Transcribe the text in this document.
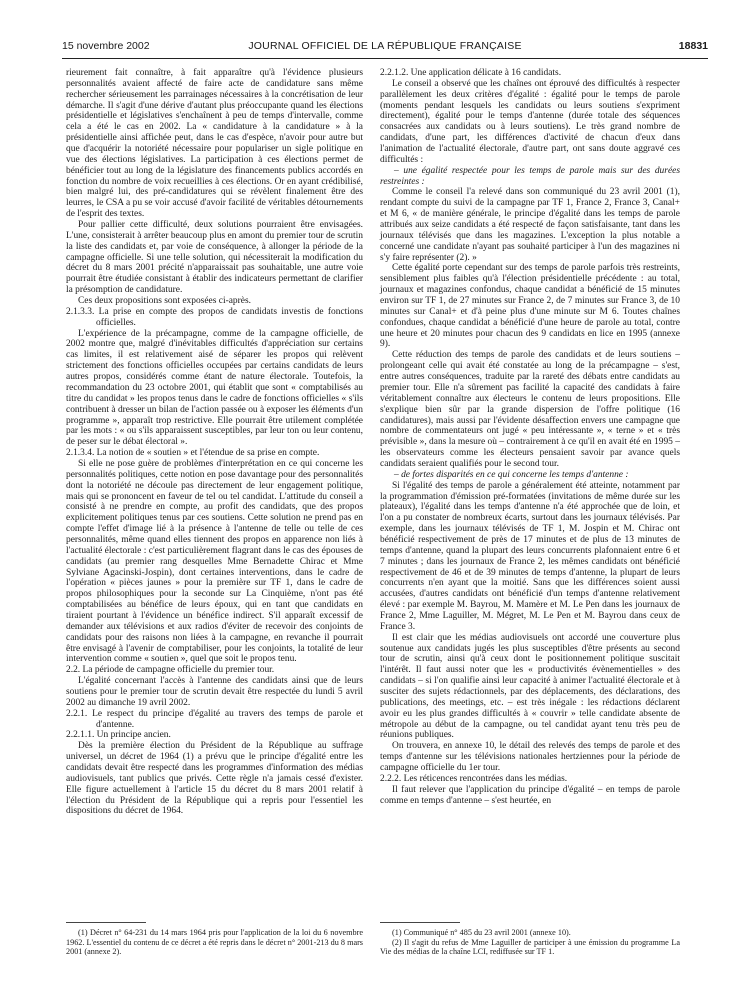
15 novembre 2002	JOURNAL OFFICIEL DE LA RÉPUBLIQUE FRANÇAISE	18831

rieurement fait connaître, à fait apparaître qu'à l'évidence plusieurs personnalités avaient affecté de faire acte de candidature sans même rechercher sérieusement les parrainages nécessaires à la concrétisation de leur démarche. Il s'agit d'une dérive d'autant plus préoccupante quand les élections présidentielle et législatives s'enchaînent à peu de temps d'intervalle, comme cela a été le cas en 2002. La « candidature à la candidature » à la présidentielle ainsi affichée peut, dans le cas d'espèce, n'avoir pour autre but que d'acquérir la notoriété nécessaire pour populariser un sigle politique en vue des élections législatives. La participation à ces élections permet de bénéficier tout au long de la législature des financements publics accordés en fonction du nombre de voix recueillies à ces élections. Or en ayant crédibilisé, bien malgré lui, des pré-candidatures qui se révèlent finalement être des leurres, le CSA a pu se voir accusé d'avoir facilité de véritables détournements de l'esprit des textes.

Pour pallier cette difficulté, deux solutions pourraient être envisagées. L'une, consisterait à arrêter beaucoup plus en amont du premier tour de scrutin la liste des candidats et, par voie de conséquence, à allonger la période de la campagne officielle. Si une telle solution, qui nécessiterait la modification du décret du 8 mars 2001 précité n'apparaissait pas souhaitable, une autre voie pourrait être étudiée consistant à établir des indicateurs permettant de clarifier la présomption de candidature.

Ces deux propositions sont exposées ci-après.

2.1.3.3. La prise en compte des propos de candidats investis de fonctions officielles.

L'expérience de la précampagne, comme de la campagne officielle, de 2002 montre que, malgré d'inévitables difficultés d'appréciation sur certains cas limites, il est relativement aisé de séparer les propos qui relèvent strictement des fonctions officielles occupées par certains candidats de leurs autres propos, considérés comme étant de nature électorale. Toutefois, la recommandation du 23 octobre 2001, qui établit que sont « comptabilisés au titre du candidat » les propos tenus dans le cadre de fonctions officielles « s'ils contribuent à dresser un bilan de l'action passée ou à exposer les éléments d'un programme », apparaît trop restrictive. Elle pourrait être utilement complétée par les mots : « ou s'ils apparaissent susceptibles, par leur ton ou leur contenu, de peser sur le débat électoral ».

2.1.3.4. La notion de « soutien » et l'étendue de sa prise en compte.

Si elle ne pose guère de problèmes d'interprétation en ce qui concerne les personnalités politiques, cette notion en pose davantage pour des personnalités dont la notoriété ne découle pas directement de leur engagement politique, mais qui se prononcent en faveur de tel ou tel candidat. L'attitude du conseil a consisté à ne prendre en compte, au profit des candidats, que des propos explicitement politiques tenus par ces soutiens. Cette solution ne prend pas en compte l'effet d'image lié à la présence à l'antenne de telle ou telle de ces personnalités, même quand elles tiennent des propos en apparence non liés à l'actualité électorale : c'est particulièrement flagrant dans le cas des épouses de candidats (au premier rang desquelles Mme Bernadette Chirac et Mme Sylviane Agacinski-Jospin), dont certaines interventions, dans le cadre de l'opération « pièces jaunes » pour la première sur TF 1, dans le cadre de propos philosophiques pour la seconde sur La Cinquième, n'ont pas été comptabilisées au bénéfice de leurs époux, qui en tant que candidats en tiraient pourtant à l'évidence un bénéfice indirect. S'il apparaît excessif de demander aux télévisions et aux radios d'éviter de recevoir des conjoints de candidats pour des raisons non liées à la campagne, en revanche il pourrait être envisagé à l'avenir de comptabiliser, pour les conjoints, la totalité de leur intervention comme « soutien », quel que soit le propos tenu.

2.2. La période de campagne officielle du premier tour.

L'égalité concernant l'accès à l'antenne des candidats ainsi que de leurs soutiens pour le premier tour de scrutin devait être respectée du lundi 5 avril 2002 au dimanche 19 avril 2002.

2.2.1. Le respect du principe d'égalité au travers des temps de parole et d'antenne.

2.2.1.1. Un principe ancien.

Dès la première élection du Président de la République au suffrage universel, un décret de 1964 (1) a prévu que le principe d'égalité entre les candidats devait être respecté dans les programmes d'information des médias audiovisuels, tant publics que privés. Cette règle n'a jamais cessé d'exister. Elle figure actuellement à l'article 15 du décret du 8 mars 2001 relatif à l'élection du Président de la République qui a repris pour l'essentiel les dispositions du décret de 1964.

2.2.1.2. Une application délicate à 16 candidats.

Le conseil a observé que les chaînes ont éprouvé des difficultés à respecter parallèlement les deux critères d'égalité : égalité pour le temps de parole (moments pendant lesquels les candidats ou leurs soutiens s'expriment directement), égalité pour le temps d'antenne (durée totale des séquences consacrées aux candidats ou à leurs soutiens). Le très grand nombre de candidats, d'une part, les différences d'activité de chacun d'eux dans l'animation de l'actualité électorale, d'autre part, ont sans doute aggravé ces difficultés :

– une égalité respectée pour les temps de parole mais sur des durées restreintes :

Comme le conseil l'a relevé dans son communiqué du 23 avril 2001 (1), rendant compte du suivi de la campagne par TF 1, France 2, France 3, Canal+ et M 6, « de manière générale, le principe d'égalité dans les temps de parole attribués aux seize candidats a été respecté de façon satisfaisante, tant dans les journaux télévisés que dans les magazines. L'exception la plus notable a concerné une candidate n'ayant pas souhaité participer à l'un des magazines ni s'y faire représenter (2). »

Cette égalité porte cependant sur des temps de parole parfois très restreints, sensiblement plus faibles qu'à l'élection présidentielle précédente : au total, journaux et magazines confondus, chaque candidat a bénéficié de 15 minutes environ sur TF 1, de 27 minutes sur France 2, de 7 minutes sur France 3, de 10 minutes sur Canal+ et d'à peine plus d'une minute sur M 6. Toutes chaînes confondues, chaque candidat a bénéficié d'une heure de parole au total, contre une heure et 20 minutes pour chacun des 9 candidats en lice en 1995 (annexe 9).

Cette réduction des temps de parole des candidats et de leurs soutiens – prolongeant celle qui avait été constatée au long de la précampagne – s'est, entre autres conséquences, traduite par la rareté des débats entre candidats au premier tour. Elle n'a sûrement pas facilité la capacité des candidats à faire véritablement connaître aux électeurs le contenu de leurs propositions. Elle s'explique bien sûr par la grande dispersion de l'offre politique (16 candidatures), mais aussi par l'évidente désaffection envers une campagne que nombre de commentateurs ont jugé « peu intéressante », « terne » et « très prévisible », dans la mesure où – contrairement à ce qu'il en avait été en 1995 – les observateurs comme les électeurs pensaient savoir par avance quels candidats seraient qualifiés pour le second tour.

– de fortes disparités en ce qui concerne les temps d'antenne :

Si l'égalité des temps de parole a généralement été atteinte, notamment par la programmation d'émission pré-formatées (invitations de même durée sur les plateaux), l'égalité dans les temps d'antenne n'a été approchée que de loin, et l'on a pu constater de nombreux écarts, surtout dans les journaux télévisés. Par exemple, dans les journaux télévisés de TF 1, M. Jospin et M. Chirac ont bénéficié respectivement de près de 17 minutes et de plus de 13 minutes de temps d'antenne, quand la plupart des leurs concurrents plafonnaient entre 6 et 7 minutes ; dans les journaux de France 2, les mêmes candidats ont bénéficié respectivement de 46 et de 39 minutes de temps d'antenne, la plupart de leurs concurrents n'en ayant que la moitié. Sans que les différences soient aussi accusées, d'autres candidats ont bénéficié d'un temps d'antenne relativement élevé : par exemple M. Bayrou, M. Mamère et M. Le Pen dans les journaux de France 2, Mme Laguiller, M. Mégret, M. Le Pen et M. Bayrou dans ceux de France 3.

Il est clair que les médias audiovisuels ont accordé une couverture plus soutenue aux candidats jugés les plus susceptibles d'être présents au second tour de scrutin, ainsi qu'à ceux dont le positionnement politique suscitait l'intérêt. Il faut aussi noter que les « productivités évènementielles » des candidats – si l'on qualifie ainsi leur capacité à animer l'actualité électorale et à susciter des sujets rédactionnels, par des déplacements, des déclarations, des publications, des meetings, etc. – est très inégale : les rédactions déclarent avoir eu les plus grandes difficultés à « couvrir » telle candidate absente de métropole au début de la campagne, ou tel candidat ayant tenu très peu de réunions publiques.

On trouvera, en annexe 10, le détail des relevés des temps de parole et des temps d'antenne sur les télévisions nationales hertziennes pour la période de campagne officielle du 1er tour.

2.2.2. Les réticences rencontrées dans les médias.

Il faut relever que l'application du principe d'égalité – en temps de parole comme en temps d'antenne – s'est heurtée, en

(1) Décret n° 64-231 du 14 mars 1964 pris pour l'application de la loi du 6 novembre 1962. L'essentiel du contenu de ce décret a été repris dans le décret n° 2001-213 du 8 mars 2001 (annexe 2).

(1) Communiqué n° 485 du 23 avril 2001 (annexe 10).

(2) Il s'agit du refus de Mme Laguiller de participer à une émission du programme La Vie des médias de la chaîne LCI, rediffusée sur TF 1.
